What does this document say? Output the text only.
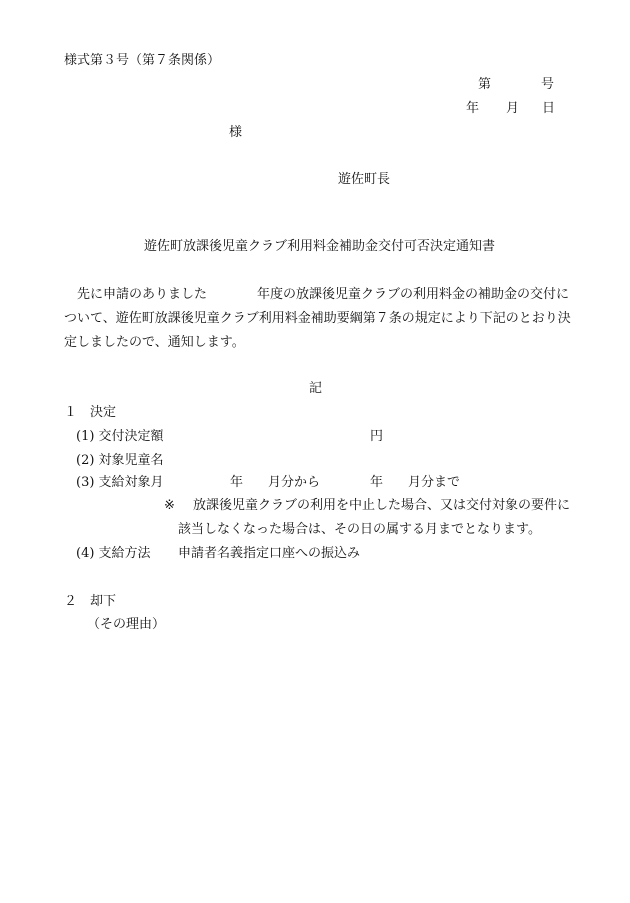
様式第３号（第７条関係）
第	号
年 月 日
様
遊佐町長
遊佐町放課後児童クラブ利用料金補助金交付可否決定通知書
先に申請のありました	年度の放課後児童クラブの利用料金の補助金の交付に
ついて、遊佐町放課後児童クラブ利用料金補助要綱第７条の規定により下記のとおり決
定しましたので、通知します。
記
１　決定
(1) 交付決定額	円
(2) 対象児童名
(3) 支給対象月	年 月分から	年 月分まで
※ 放課後児童クラブの利用を中止した場合、又は交付対象の要件に
該当しなくなった場合は、その日の属する月までとなります。
(4) 支給方法 申請者名義指定口座への振込み
２　却下
（その理由）
